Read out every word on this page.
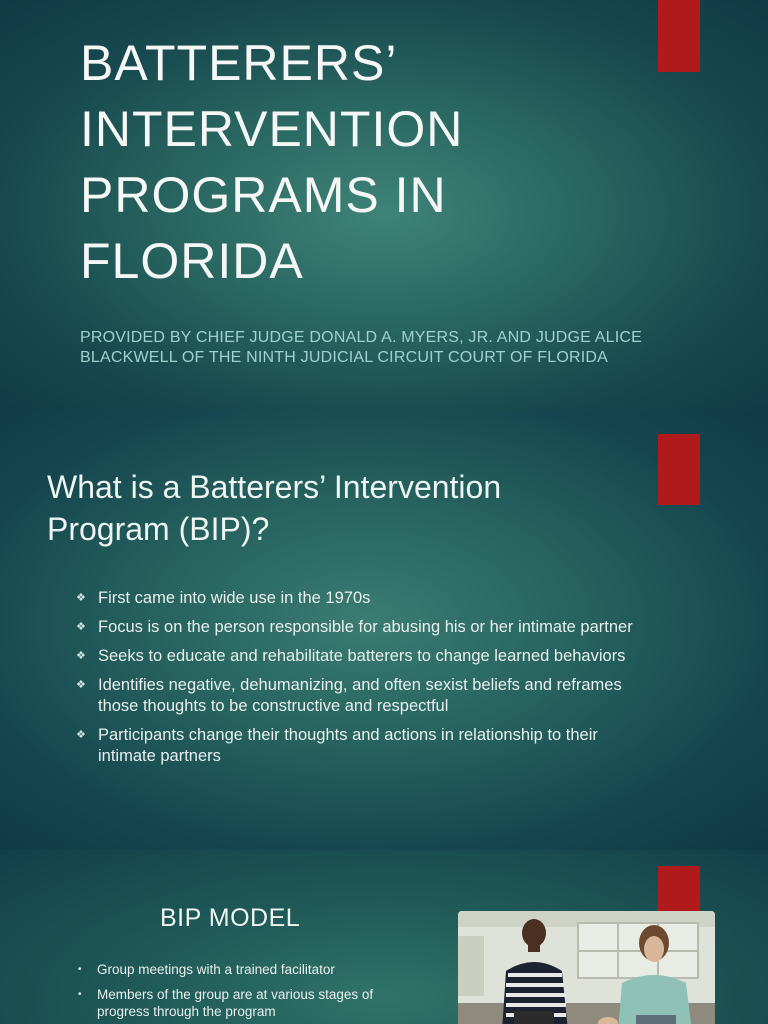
BATTERERS’ INTERVENTION PROGRAMS IN FLORIDA

PROVIDED BY CHIEF JUDGE DONALD A. MYERS, JR. AND JUDGE ALICE BLACKWELL OF THE NINTH JUDICIAL CIRCUIT COURT OF FLORIDA

What is a Batterers’ Intervention Program (BIP)?
❖ First came into wide use in the 1970s
❖ Focus is on the person responsible for abusing his or her intimate partner
❖ Seeks to educate and rehabilitate batterers to change learned behaviors
❖ Identifies negative, dehumanizing, and often sexist beliefs and reframes those thoughts to be constructive and respectful
❖ Participants change their thoughts and actions in relationship to their intimate partners
BIP MODEL
• Group meetings with a trained facilitator
• Members of the group are at various stages of progress through the program
